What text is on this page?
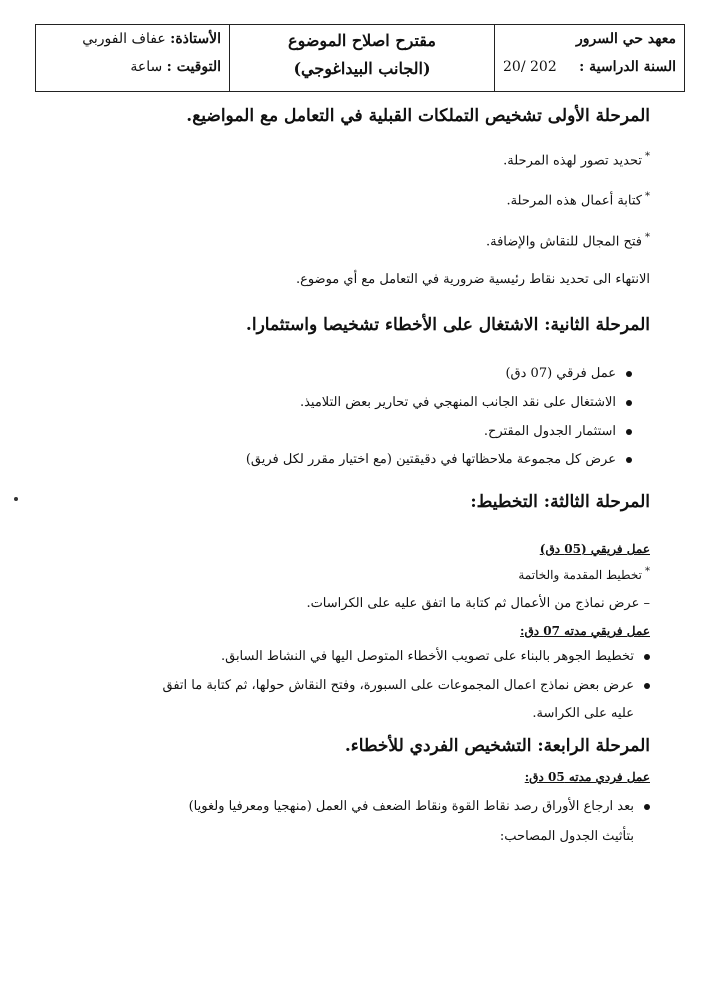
معهد حي السرور
السنة الدراسية :
202 /20
مقترح اصلاح الموضوع
(الجانب البيداغوجي)
الأستاذة:

عفاف الفوربي
التوقيت :

ساعة
المرحلة الأولى تشخيص التملكات القبلية في التعامل مع المواضيع.
*تحديد تصور لهذه المرحلة.
*كتابة أعمال هذه المرحلة.
*فتح المجال للنقاش والإضافة.
الانتهاء الى تحديد نقاط رئيسية ضرورية في التعامل مع أي موضوع.
المرحلة الثانية: الاشتغال على الأخطاء تشخيصا واستثمارا.
عمل فرقي (07 دق)
الاشتغال على نقد الجانب المنهجي في تحارير بعض التلاميذ.
استثمار الجدول المقترح.
عرض كل مجموعة ملاحظاتها في دقيقتين (مع اختيار مقرر لكل فريق)
المرحلة الثالثة: التخطيط:
عمل فريقي (05 دق)
*تخطيط المقدمة والخاتمة
– عرض نماذج من الأعمال ثم كتابة ما اتفق عليه على الكراسات.
عمل فريقي مدته 07 دق:
تخطيط الجوهر بالبناء على تصويب الأخطاء المتوصل اليها في النشاط السابق.
عرض بعض نماذج اعمال المجموعات على السبورة، وفتح النقاش حولها، ثم كتابة ما اتفق
عليه على الكراسة.
المرحلة الرابعة: التشخيص الفردي للأخطاء.
عمل فردي مدته 05 دق:
بعد ارجاع الأوراق رصد نقاط القوة ونقاط الضعف في العمل (منهجيا ومعرفيا ولغويا)
بتأثيث الجدول المصاحب:
